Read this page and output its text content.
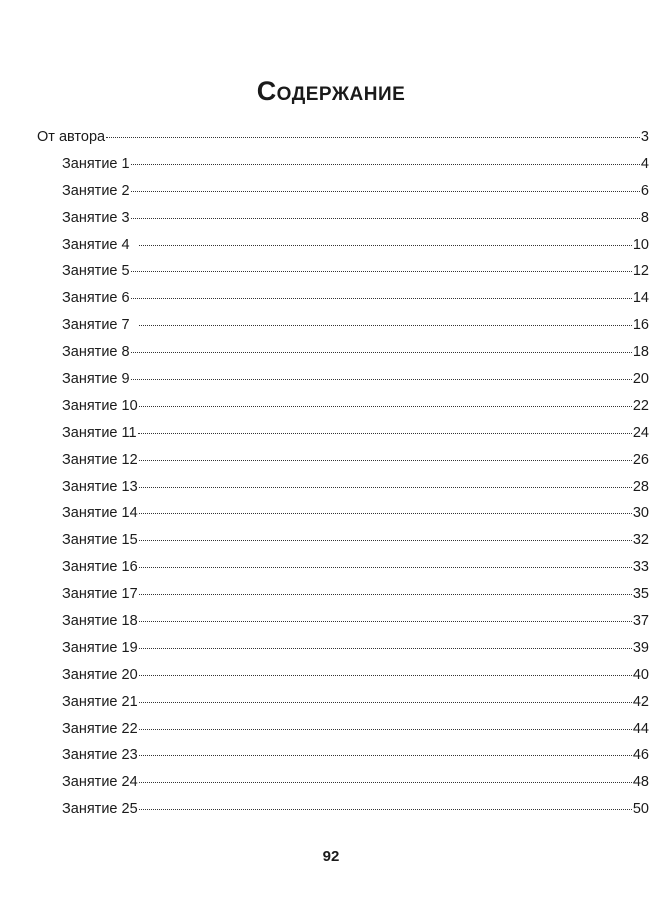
Содержание
От автора	3
Занятие 1	4
Занятие 2	6
Занятие 3	8
Занятие 4	10
Занятие 5	12
Занятие 6	14
Занятие 7	16
Занятие 8	18
Занятие 9	20
Занятие 10	22
Занятие 11	24
Занятие 12	26
Занятие 13	28
Занятие 14	30
Занятие 15	32
Занятие 16	33
Занятие 17	35
Занятие 18	37
Занятие 19	39
Занятие 20	40
Занятие 21	42
Занятие 22	44
Занятие 23	46
Занятие 24	48
Занятие 25	50
92
